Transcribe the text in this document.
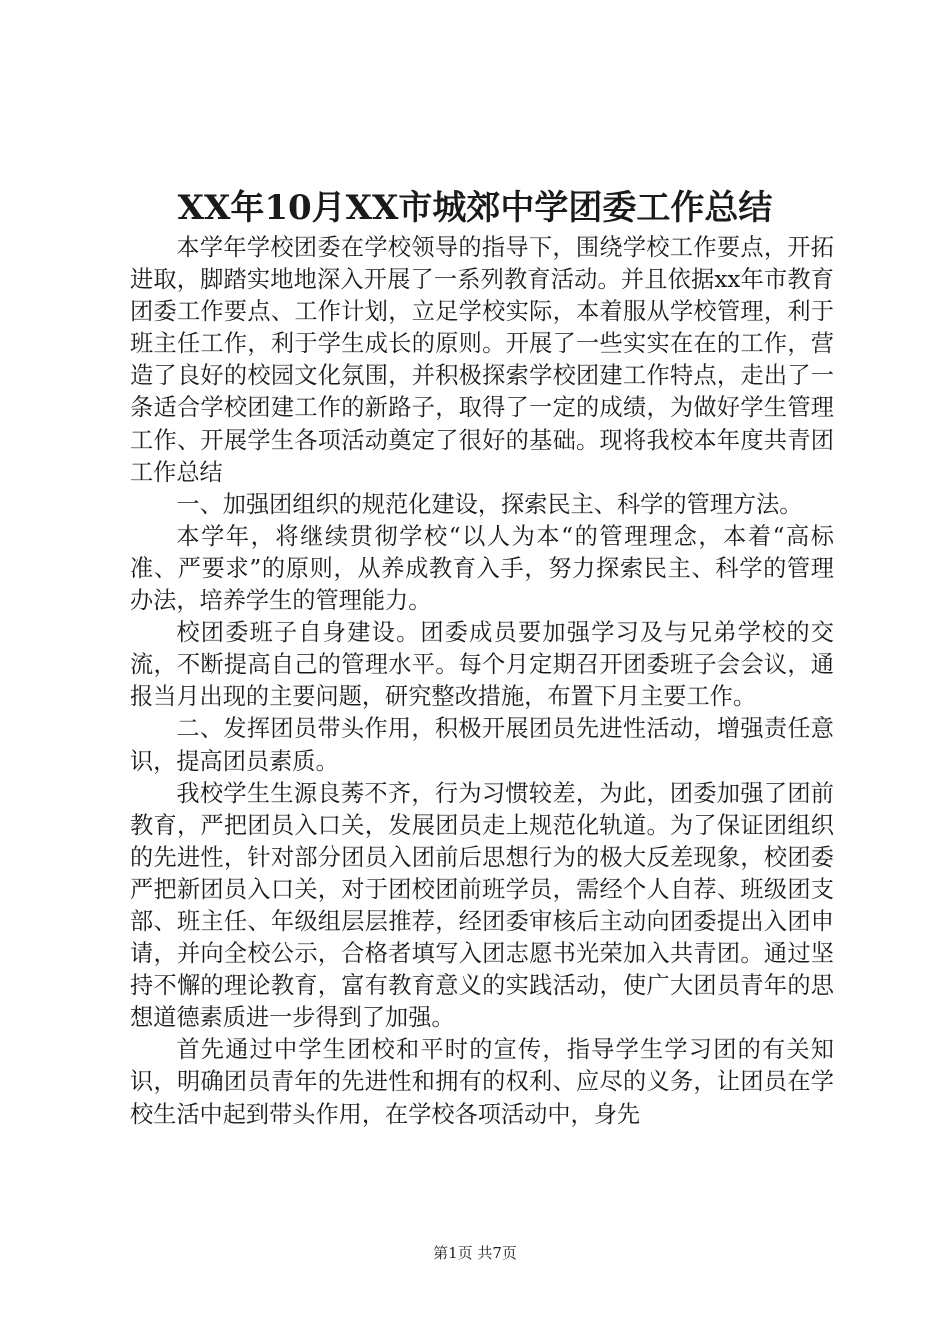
XX年10月XX市城郊中学团委工作总结

本学年学校团委在学校领导的指导下，围绕学校工作要点，开拓进取，脚踏实地地深入开展了一系列教育活动。并且依据xx年市教育团委工作要点、工作计划，立足学校实际，本着服从学校管理，利于班主任工作，利于学生成长的原则。开展了一些实实在在的工作，营造了良好的校园文化氛围，并积极探索学校团建工作特点，走出了一条适合学校团建工作的新路子，取得了一定的成绩，为做好学生管理工作、开展学生各项活动奠定了很好的基础。现将我校本年度共青团工作总结

一、加强团组织的规范化建设，探索民主、科学的管理方法。

本学年，将继续贯彻学校“以人为本“的管理理念，本着“高标准、严要求”的原则，从养成教育入手，努力探索民主、科学的管理办法，培养学生的管理能力。

校团委班子自身建设。团委成员要加强学习及与兄弟学校的交流，不断提高自己的管理水平。每个月定期召开团委班子会会议，通报当月出现的主要问题，研究整改措施，布置下月主要工作。

二、发挥团员带头作用，积极开展团员先进性活动，增强责任意识，提高团员素质。

我校学生生源良莠不齐，行为习惯较差，为此，团委加强了团前教育，严把团员入口关，发展团员走上规范化轨道。为了保证团组织的先进性，针对部分团员入团前后思想行为的极大反差现象，校团委严把新团员入口关，对于团校团前班学员，需经个人自荐、班级团支部、班主任、年级组层层推荐，经团委审核后主动向团委提出入团申请，并向全校公示，合格者填写入团志愿书光荣加入共青团。通过坚持不懈的理论教育，富有教育意义的实践活动，使广大团员青年的思想道德素质进一步得到了加强。

首先通过中学生团校和平时的宣传，指导学生学习团的有关知识，明确团员青年的先进性和拥有的权利、应尽的义务，让团员在学校生活中起到带头作用，在学校各项活动中，身先

第1页 共7页
